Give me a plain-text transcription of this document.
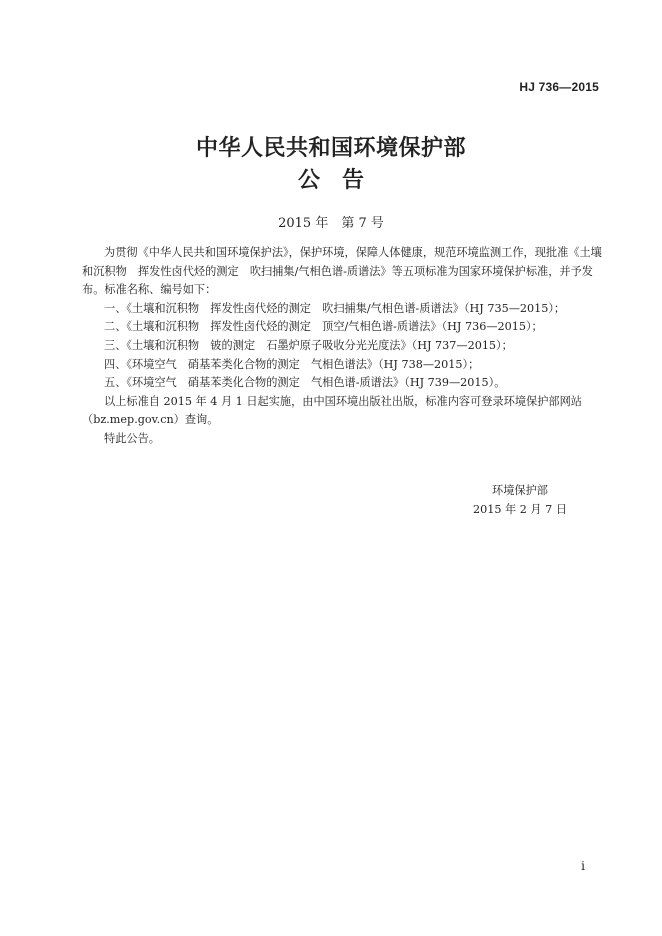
HJ 736—2015
中华人民共和国环境保护部
公告
2015 年　第 7 号

为贯彻《中华人民共和国环境保护法》，保护环境，保障人体健康，规范环境监测工作，现批准《土壤和沉积物　挥发性卤代烃的测定　吹扫捕集/气相色谱-质谱法》等五项标准为国家环境保护标准，并予发布。标准名称、编号如下：

一、《土壤和沉积物　挥发性卤代烃的测定　吹扫捕集/气相色谱-质谱法》（HJ 735—2015）；

二、《土壤和沉积物　挥发性卤代烃的测定　顶空/气相色谱-质谱法》（HJ 736—2015）；

三、《土壤和沉积物　铍的测定　石墨炉原子吸收分光光度法》（HJ 737—2015）；

四、《环境空气　硝基苯类化合物的测定　气相色谱法》（HJ 738—2015）；

五、《环境空气　硝基苯类化合物的测定　气相色谱-质谱法》（HJ 739—2015）。

以上标准自 2015 年 4 月 1 日起实施，由中国环境出版社出版，标准内容可登录环境保护部网站（bz.mep.gov.cn）查询。

特此公告。

环境保护部
2015 年 2 月 7 日
i
